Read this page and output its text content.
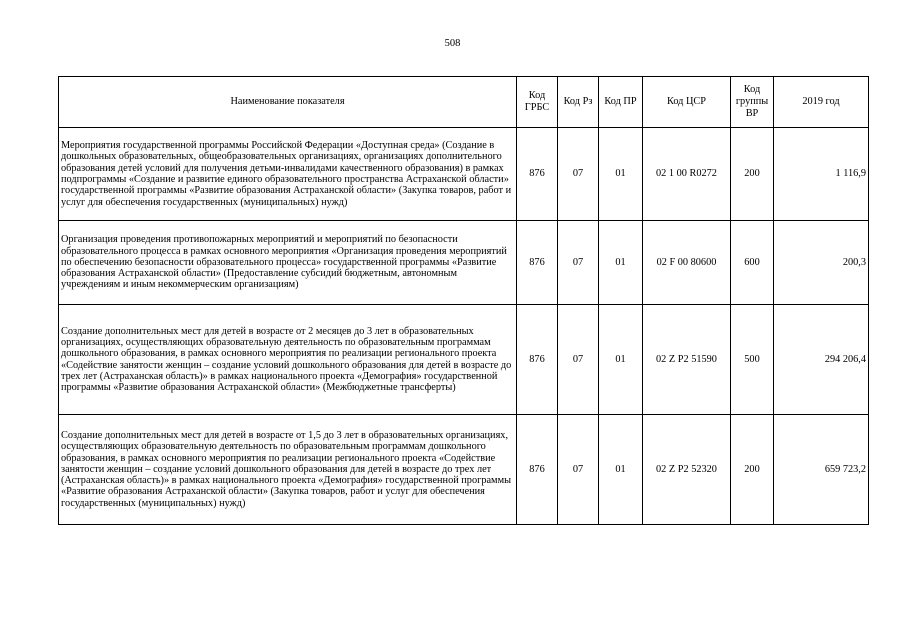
508
Наименование показателя	Код ГРБС	Код Рз	Код ПР	Код ЦСР	Код группы ВР	2019 год
Мероприятия государственной программы Российской Федерации «Доступная среда» (Создание в дошкольных образовательных, общеобразовательных организациях, организациях дополнительного образования детей условий для получения детьми-инвалидами качественного образования) в рамках подпрограммы «Создание и развитие единого образовательного пространства Астраханской области» государственной программы «Развитие образования Астраханской области» (Закупка товаров, работ и услуг для обеспечения государственных (муниципальных) нужд)	876	07	01	02 1 00 R0272	200	1 116,9
Организация проведения противопожарных мероприятий и мероприятий по безопасности образовательного процесса в рамках основного мероприятия «Организация проведения мероприятий по обеспечению безопасности образовательного процесса» государственной программы «Развитие образования Астраханской области» (Предоставление субсидий бюджетным, автономным учреждениям и иным некоммерческим организациям)	876	07	01	02 F 00 80600	600	200,3
Создание дополнительных мест для детей в возрасте от 2 месяцев до 3 лет в образовательных организациях, осуществляющих образовательную деятельность по образовательным программам дошкольного образования, в рамках основного мероприятия по реализации регионального проекта «Содействие занятости женщин – создание условий дошкольного образования для детей в возрасте до трех лет (Астраханская область)» в рамках национального проекта «Демография» государственной программы «Развитие образования Астраханской области» (Межбюджетные трансферты)	876	07	01	02 Z P2 51590	500	294 206,4
Создание дополнительных мест для детей в возрасте от 1,5 до 3 лет в образовательных организациях, осуществляющих образовательную деятельность по образовательным программам дошкольного образования, в рамках основного мероприятия по реализации регионального проекта «Содействие занятости женщин – создание условий дошкольного образования для детей в возрасте до трех лет (Астраханская область)» в рамках национального проекта «Демография» государственной программы «Развитие образования Астраханской области» (Закупка товаров, работ и услуг для обеспечения государственных (муниципальных) нужд)	876	07	01	02 Z P2 52320	200	659 723,2
